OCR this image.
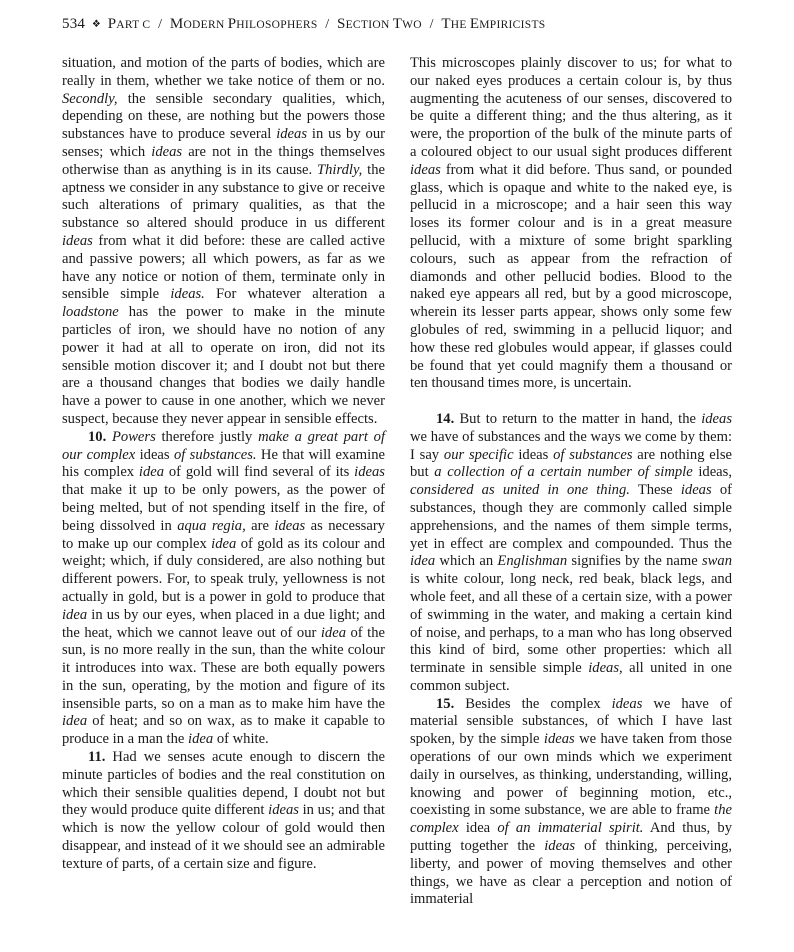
534 ❖ PART C / MODERN PHILOSOPHERS / SECTION TWO / THE EMPIRICISTS

situation, and motion of the parts of bodies, which are really in them, whether we take notice of them or no. Secondly, the sensible secondary qualities, which, depending on these, are nothing but the powers those substances have to produce several ideas in us by our senses; which ideas are not in the things themselves otherwise than as anything is in its cause. Thirdly, the aptness we consider in any substance to give or receive such alterations of primary qualities, as that the substance so altered should produce in us different ideas from what it did before: these are called active and passive powers; all which powers, as far as we have any notice or notion of them, terminate only in sensible simple ideas. For whatever alteration a loadstone has the power to make in the minute particles of iron, we should have no notion of any power it had at all to operate on iron, did not its sensible motion discover it; and I doubt not but there are a thousand changes that bodies we daily handle have a power to cause in one another, which we never suspect, because they never appear in sensible effects.

10. Powers therefore justly make a great part of our complex ideas of substances. He that will examine his complex idea of gold will find several of its ideas that make it up to be only powers, as the power of being melted, but of not spending itself in the fire, of being dissolved in aqua regia, are ideas as necessary to make up our complex idea of gold as its colour and weight; which, if duly considered, are also nothing but different powers. For, to speak truly, yellowness is not actually in gold, but is a power in gold to produce that idea in us by our eyes, when placed in a due light; and the heat, which we cannot leave out of our idea of the sun, is no more really in the sun, than the white colour it introduces into wax. These are both equally powers in the sun, operating, by the motion and figure of its insensible parts, so on a man as to make him have the idea of heat; and so on wax, as to make it capable to produce in a man the idea of white.

11. Had we senses acute enough to discern the minute particles of bodies and the real constitution on which their sensible qualities depend, I doubt not but they would produce quite different ideas in us; and that which is now the yellow colour of gold would then disappear, and instead of it we should see an admirable texture of parts, of a certain size and figure.

This microscopes plainly discover to us; for what to our naked eyes produces a certain colour is, by thus augmenting the acuteness of our senses, discovered to be quite a different thing; and the thus altering, as it were, the proportion of the bulk of the minute parts of a coloured object to our usual sight produces different ideas from what it did before. Thus sand, or pounded glass, which is opaque and white to the naked eye, is pellucid in a microscope; and a hair seen this way loses its former colour and is in a great measure pellucid, with a mixture of some bright sparkling colours, such as appear from the refraction of diamonds and other pellucid bodies. Blood to the naked eye appears all red, but by a good microscope, wherein its lesser parts appear, shows only some few globules of red, swimming in a pellucid liquor; and how these red globules would appear, if glasses could be found that yet could magnify them a thousand or ten thousand times more, is uncertain.

14. But to return to the matter in hand, the ideas we have of substances and the ways we come by them: I say our specific ideas of substances are nothing else but a collection of a certain number of simple ideas, considered as united in one thing. These ideas of substances, though they are commonly called simple apprehensions, and the names of them simple terms, yet in effect are complex and compounded. Thus the idea which an Englishman signifies by the name swan is white colour, long neck, red beak, black legs, and whole feet, and all these of a certain size, with a power of swimming in the water, and making a certain kind of noise, and perhaps, to a man who has long observed this kind of bird, some other properties: which all terminate in sensible simple ideas, all united in one common subject.

15. Besides the complex ideas we have of material sensible substances, of which I have last spoken, by the simple ideas we have taken from those operations of our own minds which we experiment daily in ourselves, as thinking, understanding, willing, knowing and power of beginning motion, etc., coexisting in some substance, we are able to frame the complex idea of an immaterial spirit. And thus, by putting together the ideas of thinking, perceiving, liberty, and power of moving themselves and other things, we have as clear a perception and notion of immaterial
